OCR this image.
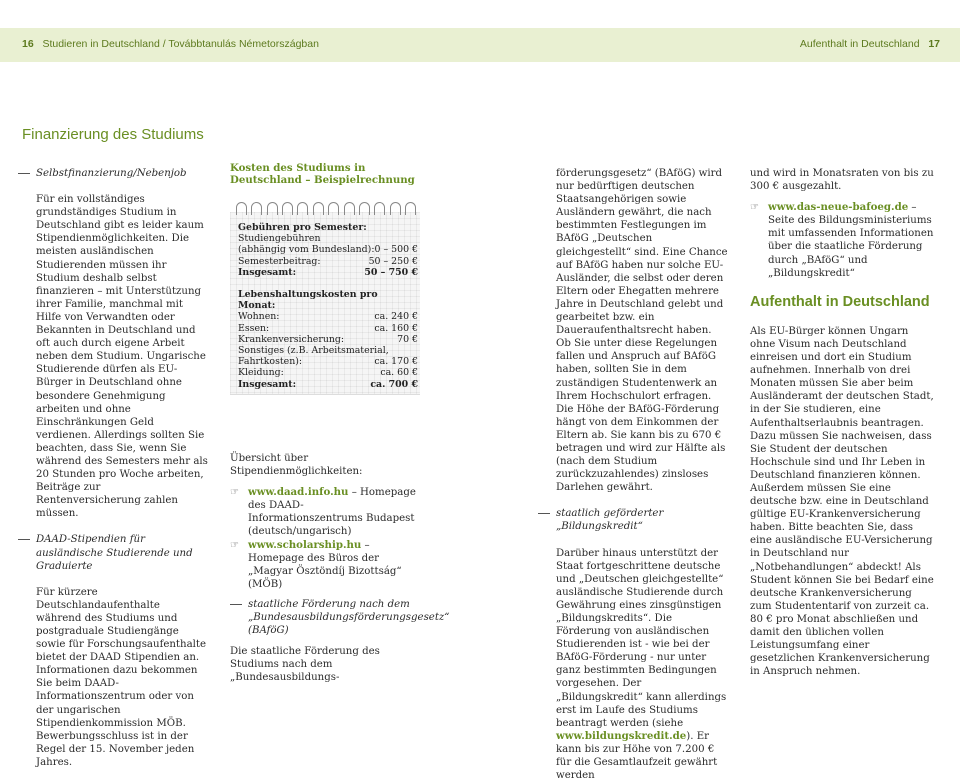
16 Studieren in Deutschland / Továbbtanulás Németországban	Aufenthalt in Deutschland 17
Finanzierung des Studiums

Selbstfinanzierung/Nebenjob

Für ein vollständiges grundständiges Studium in Deutschland gibt es leider kaum Stipendienmöglichkeiten. Die meisten ausländischen Studierenden müssen ihr Studium deshalb selbst finanzieren – mit Unterstützung ihrer Familie, manchmal mit Hilfe von Verwandten oder Bekannten in Deutschland und oft auch durch eigene Arbeit neben dem Studium. Ungarische Studierende dürfen als EU-Bürger in Deutschland ohne besondere Genehmigung arbeiten und ohne Einschränkungen Geld verdienen. Allerdings sollten Sie beachten, dass Sie, wenn Sie während des Semesters mehr als 20 Stunden pro Woche arbeiten, Beiträge zur Rentenversicherung zahlen müssen.

DAAD-Stipendien für ausländische Studierende und Graduierte

Für kürzere Deutschlandaufenthalte während des Studiums und postgraduale Studiengänge sowie für Forschungsaufenthalte bietet der DAAD Stipendien an. Informationen dazu bekommen Sie beim DAAD-Informationszentrum oder von der ungarischen Stipendienkommission MÖB. Bewerbungsschluss ist in der Regel der 15. November jeden Jahres.

Kosten des Studiums in
Deutschland – Beispielrechnung
Gebühren pro Semester:
Studiengebühren
(abhängig vom Bundesland): 0 – 500 €
Semesterbeitrag:	50 – 250 €
Insgesamt:	50 – 750 €
Lebenshaltungskosten pro Monat:
Wohnen:	ca. 240 €
Essen:	ca. 160 €
Krankenversicherung:	70 €
Sonstiges (z.B. Arbeitsmaterial,
Fahrtkosten):	ca. 170 €
Kleidung:	ca. 60 €
Insgesamt:	ca. 700 €

Übersicht über Stipendienmöglichkeiten:

☞ www.daad.info.hu – Homepage des DAAD-Informationszentrums Budapest (deutsch/ungarisch)

☞ www.scholarship.hu – Homepage des Büros der „Magyar Ösztöndíj Bizottság“ (MÖB)

staatliche Förderung nach dem „Bundesausbildungsförderungsgesetz“ (BAföG)

Die staatliche Förderung des Studiums nach dem „Bundesausbildungs-

förderungsgesetz“ (BAföG) wird nur bedürftigen deutschen Staatsangehörigen sowie Ausländern gewährt, die nach bestimmten Festlegungen im BAföG „Deutschen gleichgestellt“ sind. Eine Chance auf BAföG haben nur solche EU-Ausländer, die selbst oder deren Eltern oder Ehegatten mehrere Jahre in Deutschland gelebt und gearbeitet bzw. ein Daueraufenthaltsrecht haben. Ob Sie unter diese Regelungen fallen und Anspruch auf BAföG haben, sollten Sie in dem zuständigen Studentenwerk an Ihrem Hochschulort erfragen. Die Höhe der BAföG-Förderung hängt von dem Einkommen der Eltern ab. Sie kann bis zu 670 € betragen und wird zur Hälfte als (nach dem Studium zurückzuzahlendes) zinsloses Darlehen gewährt.

staatlich geförderter „Bildungskredit“

Darüber hinaus unterstützt der Staat fortgeschrittene deutsche und „Deutschen gleichgestellte“ ausländische Studierende durch Gewährung eines zinsgünstigen „Bildungskredits“. Die Förderung von ausländischen Studierenden ist - wie bei der BAföG-Förderung - nur unter ganz bestimmten Bedingungen vorgesehen. Der „Bildungskredit“ kann allerdings erst im Laufe des Studiums beantragt werden (siehe www.bildungskredit.de). Er kann bis zur Höhe von 7.200 € für die Gesamtlaufzeit gewährt werden

und wird in Monatsraten von bis zu 300 € ausgezahlt.

☞ www.das-neue-bafoeg.de – Seite des Bildungsministeriums mit umfassenden Informationen über die staatliche Förderung durch „BAföG“ und „Bildungskredit“

Aufenthalt in Deutschland

Als EU-Bürger können Ungarn ohne Visum nach Deutschland einreisen und dort ein Studium aufnehmen. Innerhalb von drei Monaten müssen Sie aber beim Ausländeramt der deutschen Stadt, in der Sie studieren, eine Aufenthaltserlaubnis beantragen. Dazu müssen Sie nachweisen, dass Sie Student der deutschen Hochschule sind und Ihr Leben in Deutschland finanzieren können. Außerdem müssen Sie eine deutsche bzw. eine in Deutschland gültige EU-Krankenversicherung haben. Bitte beachten Sie, dass eine ausländische EU-Versicherung in Deutschland nur „Notbehandlungen“ abdeckt! Als Student können Sie bei Bedarf eine deutsche Krankenversicherung zum Studententarif von zurzeit ca. 80 € pro Monat abschließen und damit den üblichen vollen Leistungsumfang einer gesetzlichen Krankenversicherung in Anspruch nehmen.
